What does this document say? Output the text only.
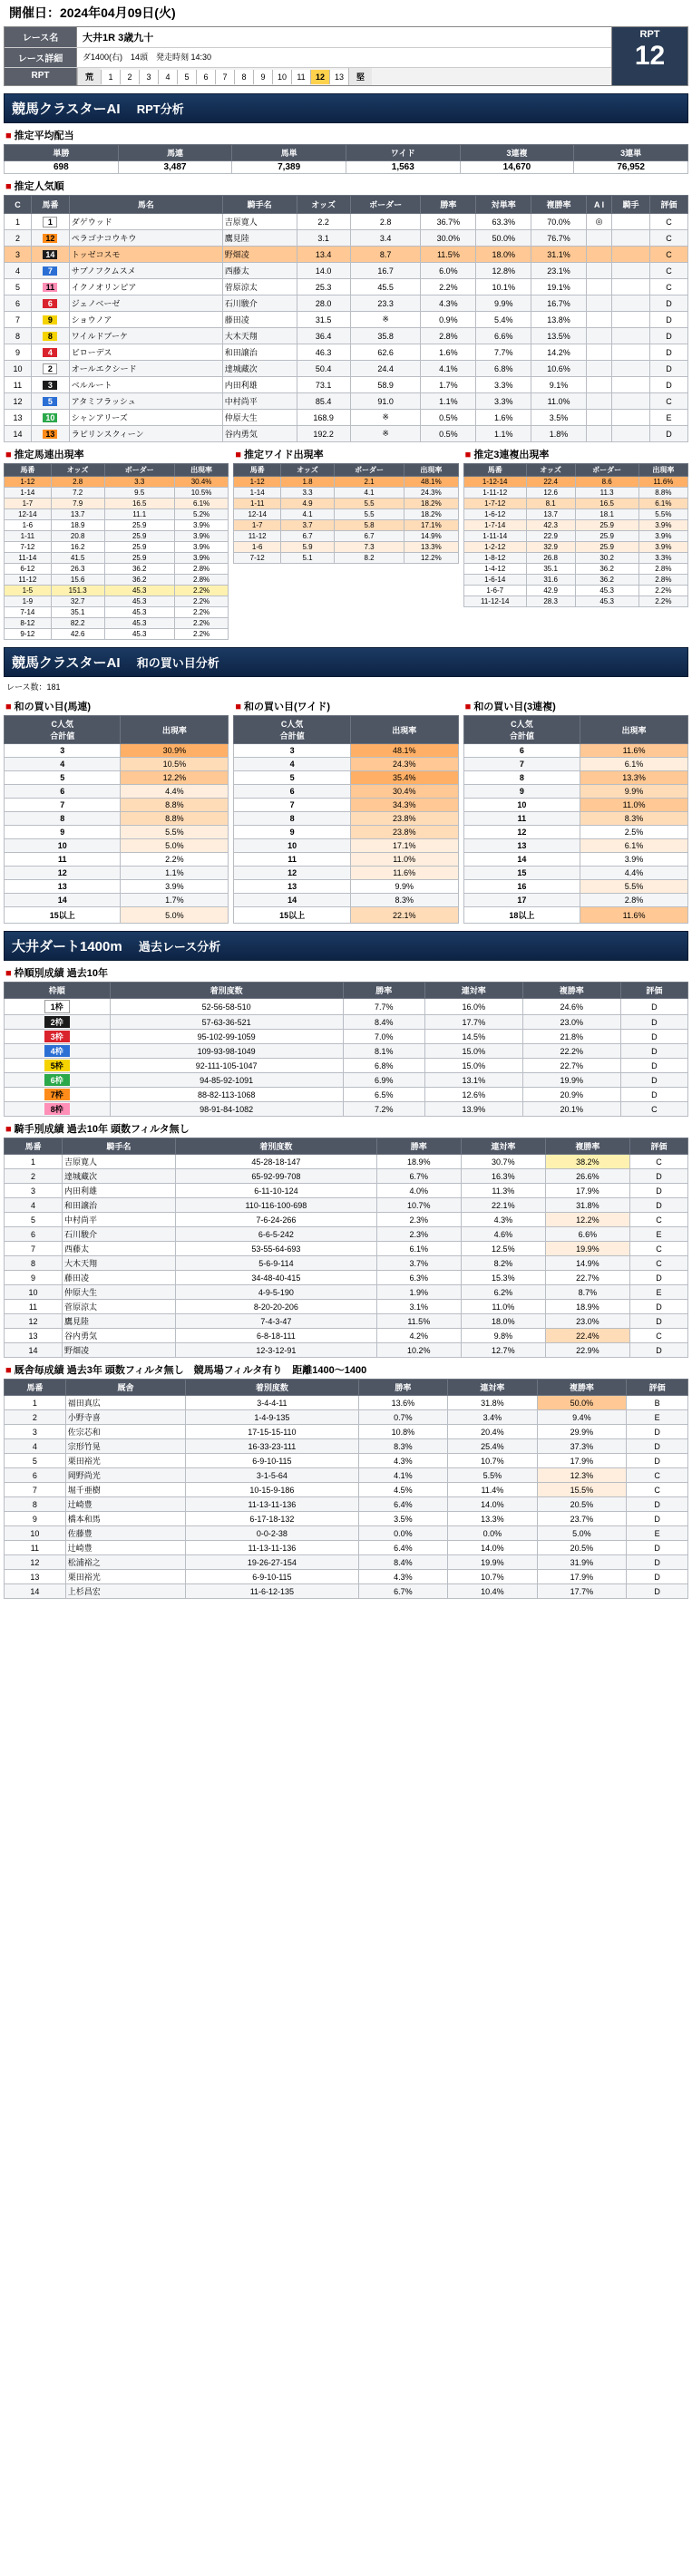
開催日：2024年04月09日(火)
レース名	大井1R 3歳九十
レース詳細	ダ1400(右)　14頭　発走時刻 14:30
RPT	荒	1	2	3	4	5	6	7	8	9	10	11	12	13	堅
RPT
12
競馬クラスターAI RPT分析
■ 推定平均配当
単勝	馬連	馬単	ワイド	3連複	3連単
698	3,487	7,389	1,563	14,670	76,952
■ 推定人気順
C	馬番	馬名	騎手名	オッズ	ボーダー	勝率	対単率	複勝率	A I	騎手	評価
1	1	ダゲウッド	吉原寛人	2.2	2.8	36.7%	63.3%	70.0%	◎		C
2	12	ペラゴナコウキウ	鷹見陸	3.1	3.4	30.0%	50.0%	76.7%			C
3	14	トッゼコスモ	野畑凌	13.4	8.7	11.5%	18.0%	31.1%			C
4	7	サブノフクムスメ	西藤太	14.0	16.7	6.0%	12.8%	23.1%			C
5	11	イクノオリンピア	菅原涼太	25.3	45.5	2.2%	10.1%	19.1%			C
6	6	ジェノベーゼ	石川駿介	28.0	23.3	4.3%	9.9%	16.7%			D
7	9	ショウノア	藤田凌	31.5	※	0.9%	5.4%	13.8%			D
8	8	ワイルドブーケ	大木天翔	36.4	35.8	2.8%	6.6%	13.5%			D
9	4	ビローデス	和田譲治	46.3	62.6	1.6%	7.7%	14.2%			D
10	2	オールエクシード	達城藏次	50.4	24.4	4.1%	6.8%	10.6%			D
11	3	ベルルート	内田利雄	73.1	58.9	1.7%	3.3%	9.1%			D
12	5	アタミフラッシュ	中村尚平	85.4	91.0	1.1%	3.3%	11.0%			C
13	10	シャンアリーズ	仲原大生	168.9	※	0.5%	1.6%	3.5%			E
14	13	ラピリンスクィーン	谷内勇気	192.2	※	0.5%	1.1%	1.8%			D
■ 推定馬連出現率
馬番	オッズ	ボーダー	出現率
1-12	2.8	3.3	30.4%
1-14	7.2	9.5	10.5%
1-7	7.9	16.5	6.1%
12-14	13.7	11.1	5.2%
1-6	18.9	25.9	3.9%
1-11	20.8	25.9	3.9%
7-12	16.2	25.9	3.9%
11-14	41.5	25.9	3.9%
6-12	26.3	36.2	2.8%
11-12	15.6	36.2	2.8%
1-5	151.3	45.3	2.2%
1-9	32.7	45.3	2.2%
7-14	35.1	45.3	2.2%
8-12	82.2	45.3	2.2%
9-12	42.6	45.3	2.2%
■ 推定ワイド出現率
馬番	オッズ	ボーダー	出現率
1-12	1.8	2.1	48.1%
1-14	3.3	4.1	24.3%
1-11	4.9	5.5	18.2%
12-14	4.1	5.5	18.2%
1-7	3.7	5.8	17.1%
11-12	6.7	6.7	14.9%
1-6	5.9	7.3	13.3%
7-12	5.1	8.2	12.2%
■ 推定3連複出現率
馬番	オッズ	ボーダー	出現率
1-12-14	22.4	8.6	11.6%
1-11-12	12.6	11.3	8.8%
1-7-12	8.1	16.5	6.1%
1-6-12	13.7	18.1	5.5%
1-7-14	42.3	25.9	3.9%
1-11-14	22.9	25.9	3.9%
1-2-12	32.9	25.9	3.9%
1-8-12	26.8	30.2	3.3%
1-4-12	35.1	36.2	2.8%
1-6-14	31.6	36.2	2.8%
1-6-7	42.9	45.3	2.2%
11-12-14	28.3	45.3	2.2%
競馬クラスターAI 和の買い目分析
レース数：181
■ 和の買い目(馬連)
C人気
合計値	出現率
3	30.9%
4	10.5%
5	12.2%
6	4.4%
7	8.8%
8	8.8%
9	5.5%
10	5.0%
11	2.2%
12	1.1%
13	3.9%
14	1.7%
15以上	5.0%
■ 和の買い目(ワイド)
C人気
合計値	出現率
3	48.1%
4	24.3%
5	35.4%
6	30.4%
7	34.3%
8	23.8%
9	23.8%
10	17.1%
11	11.0%
12	11.6%
13	9.9%
14	8.3%
15以上	22.1%
■ 和の買い目(3連複)
C人気
合計値	出現率
6	11.6%
7	6.1%
8	13.3%
9	9.9%
10	11.0%
11	8.3%
12	2.5%
13	6.1%
14	3.9%
15	4.4%
16	5.5%
17	2.8%
18以上	11.6%
大井ダート1400m 過去レース分析
■ 枠順別成績 過去10年
枠順	着別度数	勝率	連対率	複勝率	評価

1枠	52-56-58-510	7.7%	16.0%	24.6%	D

2枠	57-63-36-521	8.4%	17.7%	23.0%	D

3枠	95-102-99-1059	7.0%	14.5%	21.8%	D

4枠	109-93-98-1049	8.1%	15.0%	22.2%	D

5枠	92-111-105-1047	6.8%	15.0%	22.7%	D

6枠	94-85-92-1091	6.9%	13.1%	19.9%	D

7枠	88-82-113-1068	6.5%	12.6%	20.9%	D

8枠	98-91-84-1082	7.2%	13.9%	20.1%	C
■ 騎手別成績 過去10年 頭数フィルタ無し
馬番	騎手名	着別度数	勝率	連対率	複勝率	評価
1	吉原寛人	45-28-18-147	18.9%	30.7%	38.2%	C
2	達城藏次	65-92-99-708	6.7%	16.3%	26.6%	D
3	内田利雄	6-11-10-124	4.0%	11.3%	17.9%	D
4	和田譲治	110-116-100-698	10.7%	22.1%	31.8%	D
5	中村尚平	7-6-24-266	2.3%	4.3%	12.2%	C
6	石川駿介	6-6-5-242	2.3%	4.6%	6.6%	E
7	西藤太	53-55-64-693	6.1%	12.5%	19.9%	C
8	大木天翔	5-6-9-114	3.7%	8.2%	14.9%	C
9	藤田凌	34-48-40-415	6.3%	15.3%	22.7%	D
10	仲原大生	4-9-5-190	1.9%	6.2%	8.7%	E
11	菅原涼太	8-20-20-206	3.1%	11.0%	18.9%	D
12	鷹見陸	7-4-3-47	11.5%	18.0%	23.0%	D
13	谷内勇気	6-8-18-111	4.2%	9.8%	22.4%	C
14	野畑凌	12-3-12-91	10.2%	12.7%	22.9%	D
■ 厩舎毎成績 過去3年 頭数フィルタ無し　競馬場フィルタ有り　距離1400～1400
馬番	厩舎	着別度数	勝率	連対率	複勝率	評価
1	福田真広	3-4-4-11	13.6%	31.8%	50.0%	B
2	小野寺喜	1-4-9-135	0.7%	3.4%	9.4%	E
3	佐宗芯和	17-15-15-110	10.8%	20.4%	29.9%	D
4	宗形竹晃	16-33-23-111	8.3%	25.4%	37.3%	D
5	栗田裕光	6-9-10-115	4.3%	10.7%	17.9%	D
6	岡野尚光	3-1-5-64	4.1%	5.5%	12.3%	C
7	堀千亜樹	10-15-9-186	4.5%	11.4%	15.5%	C
8	辻崎豊	11-13-11-136	6.4%	14.0%	20.5%	D
9	橋本和馬	6-17-18-132	3.5%	13.3%	23.7%	D
10	佐藤豊	0-0-2-38	0.0%	0.0%	5.0%	E
11	辻崎豊	11-13-11-136	6.4%	14.0%	20.5%	D
12	松浦裕之	19-26-27-154	8.4%	19.9%	31.9%	D
13	栗田裕光	6-9-10-115	4.3%	10.7%	17.9%	D
14	上杉昌宏	11-6-12-135	6.7%	10.4%	17.7%	D
